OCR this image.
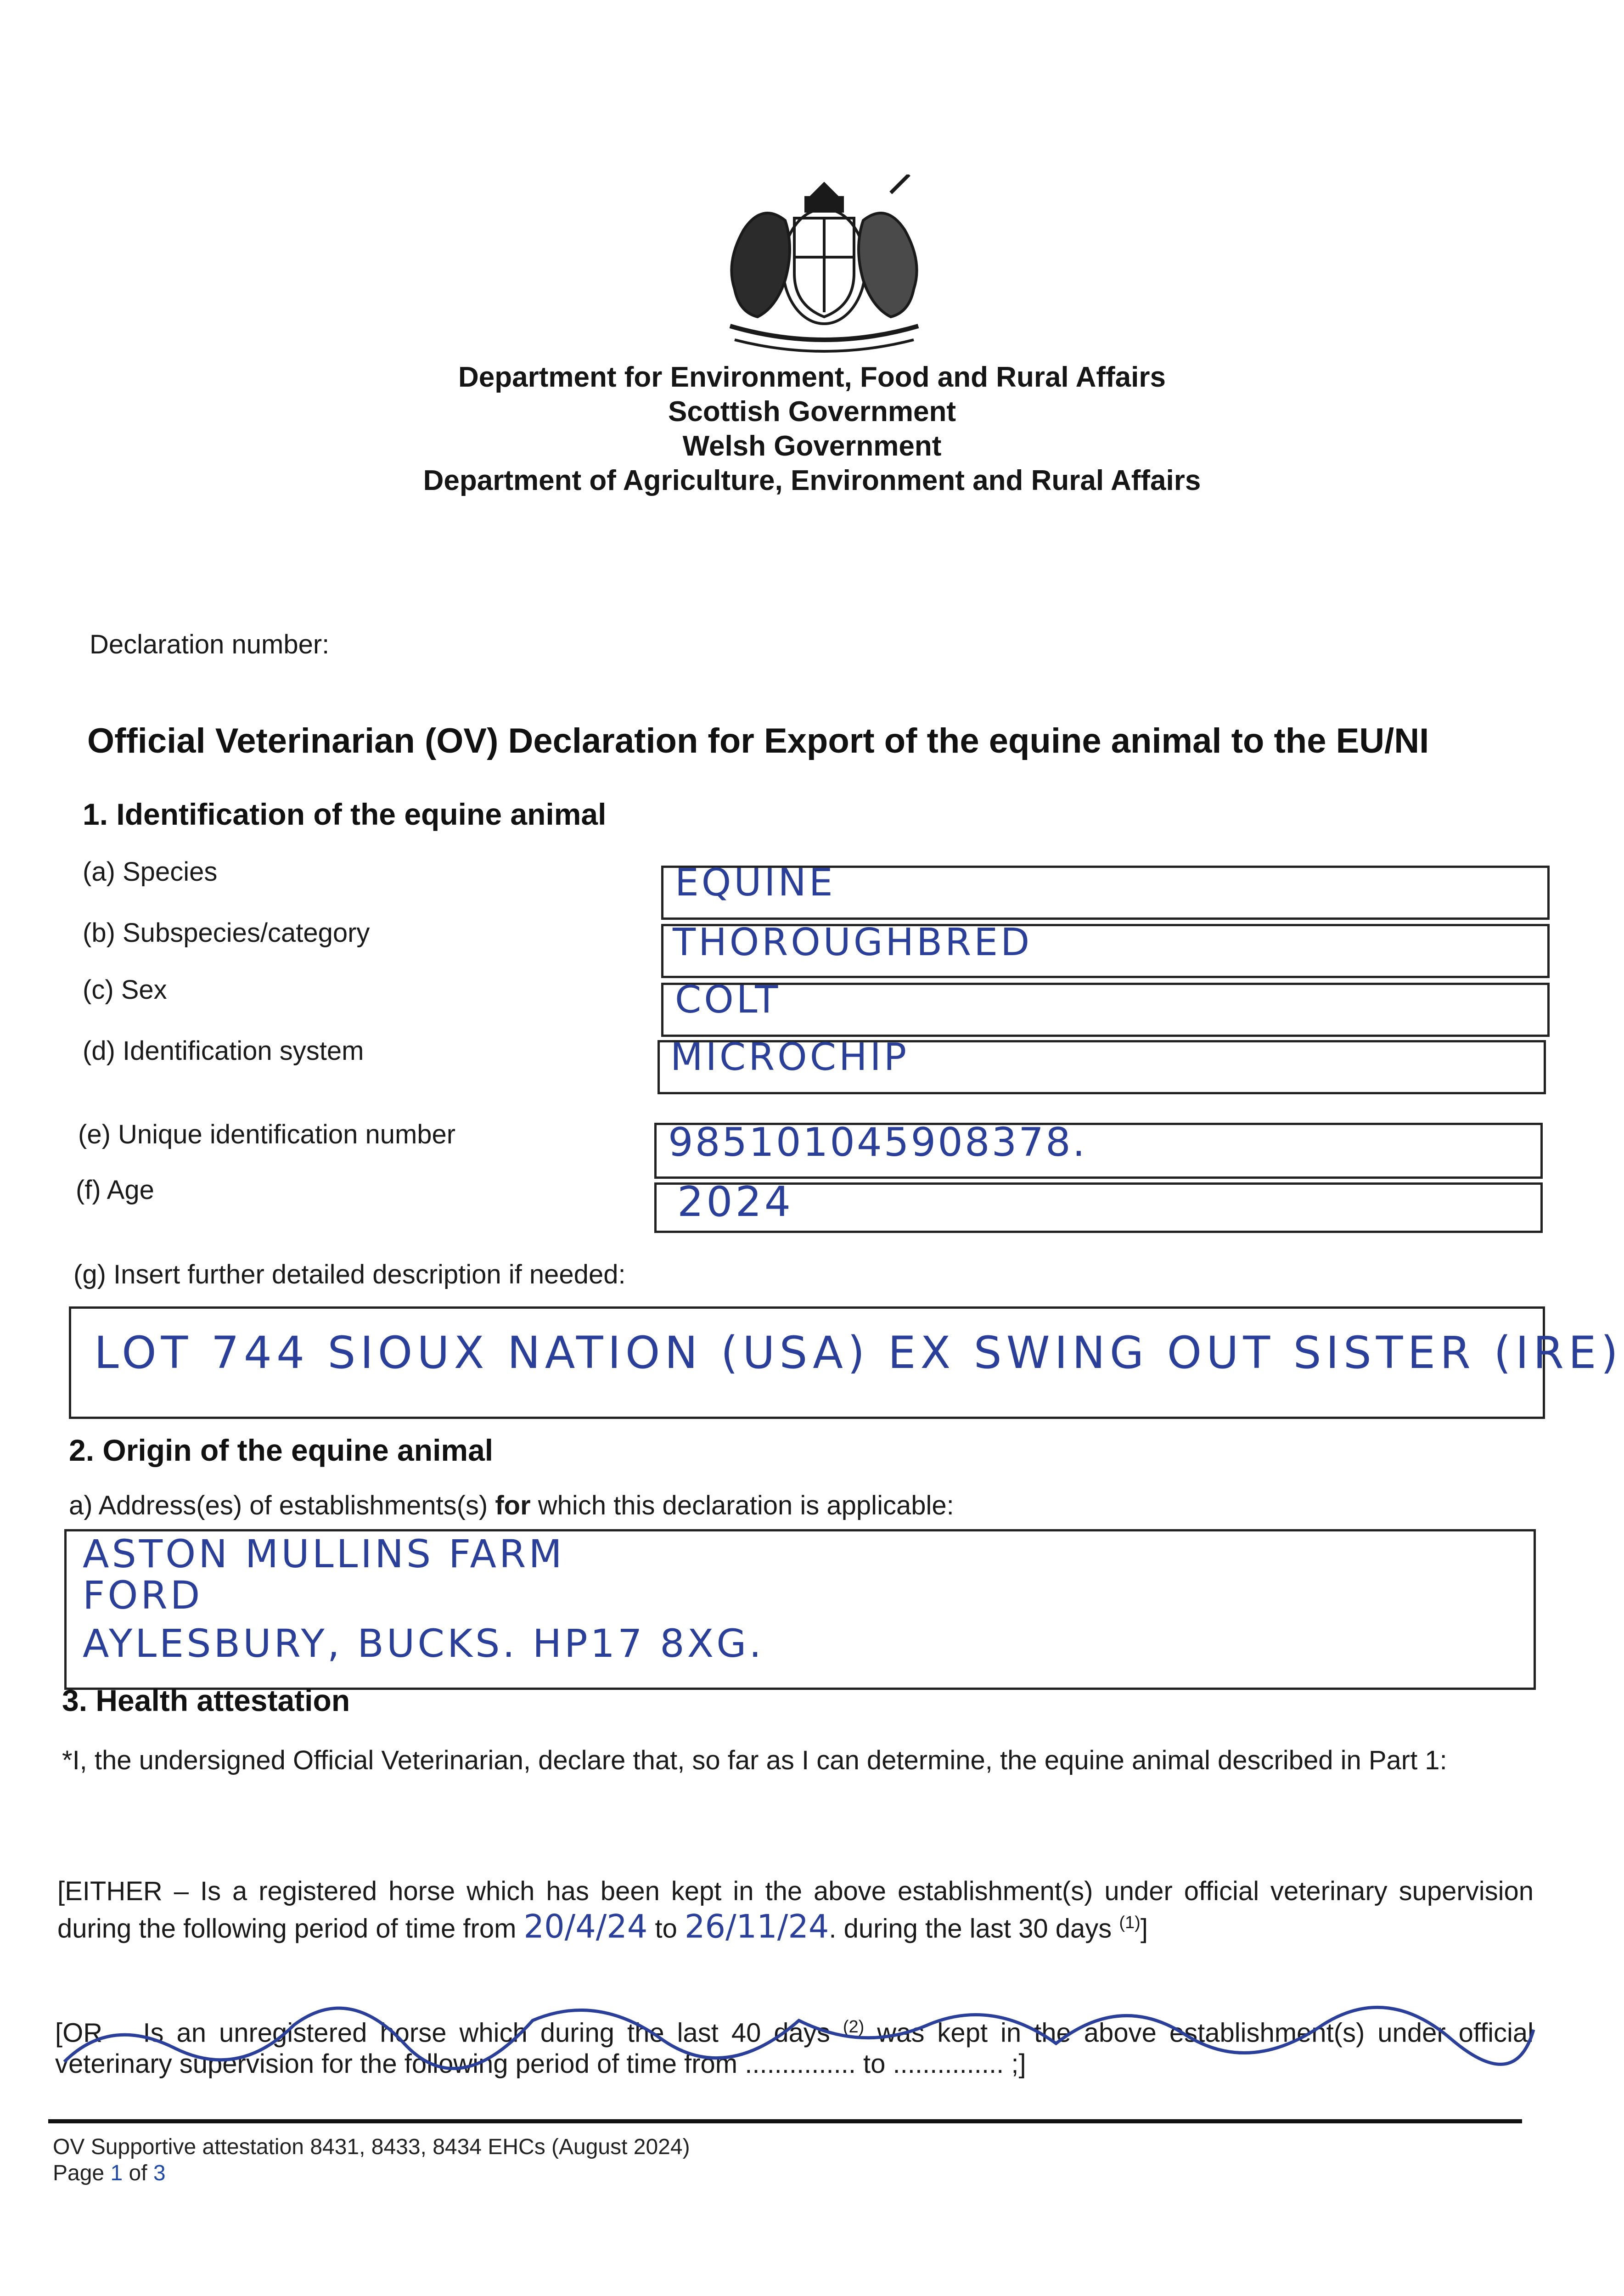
Department for Environment, Food and Rural Affairs
Scottish Government
Welsh Government
Department of Agriculture, Environment and Rural Affairs
Declaration number:
Official Veterinarian (OV) Declaration for Export of the equine animal to the EU/NI
1. Identification of the equine animal
(a) Species	EQUINE
(b) Subspecies/category	THOROUGHBRED
(c) Sex	COLT
(d) Identification system	MICROCHIP
(e) Unique identification number	985101045908378.
(f) Age	2024
(g) Insert further detailed description if needed:
LOT 744 SIOUX NATION (USA) EX SWING OUT SISTER (IRE)
2. Origin of the equine animal
a) Address(es) of establishments(s) for which this declaration is applicable:
ASTON MULLINS FARM
FORD
AYLESBURY, BUCKS. HP17 8XG.
3. Health attestation
*I, the undersigned Official Veterinarian, declare that, so far as I can determine, the equine animal described in Part 1:
[EITHER – Is a registered horse which has been kept in the above establishment(s) under official veterinary supervision during the following period of time from 20/4/24 to 26/11/24. during the last 30 days $^{(1)}$]
[OR – Is an unregistered horse which during the last 40 days $^{(2)}$ was kept in the above establishment(s) under official veterinary supervision for the following period of time from ............... to ............... ;]
OV Supportive attestation 8431, 8433, 8434 EHCs (August 2024)
Page 1 of 3
